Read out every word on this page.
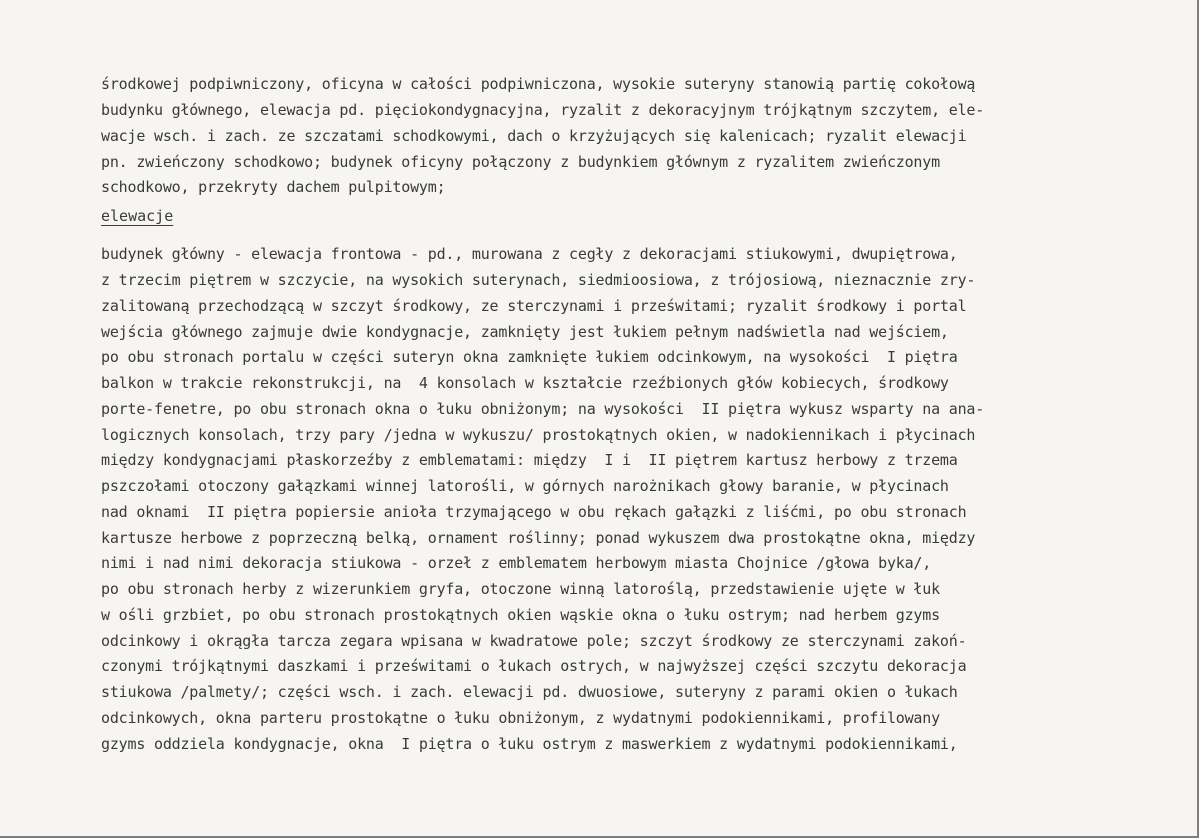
środkowej podpiwniczony, oficyna w całości podpiwniczona, wysokie suteryny stanowią partię cokołową

budynku głównego, elewacja pd. pięciokondygnacyjna, ryzalit z dekoracyjnym trójkątnym szczytem, ele-

wacje wsch. i zach. ze szczatami schodkowymi, dach o krzyżujących się kalenicach; ryzalit elewacji

pn. zwieńczony schodkowo; budynek oficyny połączony z budynkiem głównym z ryzalitem zwieńczonym

schodkowo, przekryty dachem pulpitowym;

elewacje

budynek główny - elewacja frontowa - pd., murowana z cegły z dekoracjami stiukowymi, dwupiętrowa,

z trzecim piętrem w szczycie, na wysokich suterynach, siedmioosiowa, z trójosiową, nieznacznie zry-

zalitowaną przechodzącą w szczyt środkowy, ze sterczynami i prześwitami; ryzalit środkowy i portal

wejścia głównego zajmuje dwie kondygnacje, zamknięty jest łukiem pełnym nadświetla nad wejściem,

po obu stronach portalu w części suteryn okna zamknięte łukiem odcinkowym, na wysokości  I piętra

balkon w trakcie rekonstrukcji, na  4 konsolach w kształcie rzeźbionych głów kobiecych, środkowy

porte-fenetre, po obu stronach okna o łuku obniżonym; na wysokości  II piętra wykusz wsparty na ana-

logicznych konsolach, trzy pary /jedna w wykuszu/ prostokątnych okien, w nadokiennikach i płycinach

między kondygnacjami płaskorzeźby z emblematami: między  I i  II piętrem kartusz herbowy z trzema

pszczołami otoczony gałązkami winnej latorośli, w górnych narożnikach głowy baranie, w płycinach

nad oknami  II piętra popiersie anioła trzymającego w obu rękach gałązki z liśćmi, po obu stronach

kartusze herbowe z poprzeczną belką, ornament roślinny; ponad wykuszem dwa prostokątne okna, między

nimi i nad nimi dekoracja stiukowa - orzeł z emblematem herbowym miasta Chojnice /głowa byka/,

po obu stronach herby z wizerunkiem gryfa, otoczone winną latoroślą, przedstawienie ujęte w łuk

w ośli grzbiet, po obu stronach prostokątnych okien wąskie okna o łuku ostrym; nad herbem gzyms

odcinkowy i okrągła tarcza zegara wpisana w kwadratowe pole; szczyt środkowy ze sterczynami zakoń-

czonymi trójkątnymi daszkami i prześwitami o łukach ostrych, w najwyższej części szczytu dekoracja

stiukowa /palmety/; części wsch. i zach. elewacji pd. dwuosiowe, suteryny z parami okien o łukach

odcinkowych, okna parteru prostokątne o łuku obniżonym, z wydatnymi podokiennikami, profilowany

gzyms oddziela kondygnacje, okna  I piętra o łuku ostrym z maswerkiem z wydatnymi podokiennikami,
